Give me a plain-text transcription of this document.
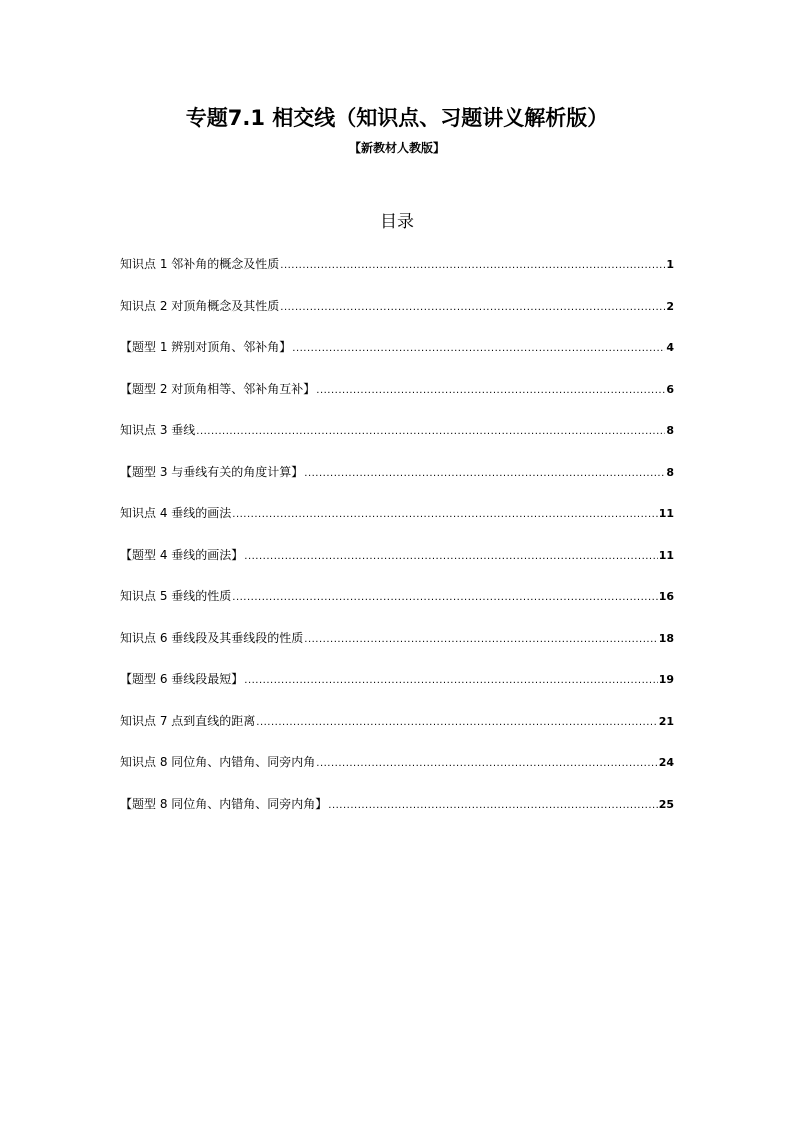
专题7.1 相交线（知识点、习题讲义解析版）
【新教材人教版】
目录
知识点 1 邻补角的概念及性质 .....	1
知识点 2 对顶角概念及其性质 .....	2
【题型 1 辨别对顶角、邻补角】 .....	4
【题型 2 对顶角相等、邻补角互补】 .....	6
知识点 3 垂线 .....	8
【题型 3 与垂线有关的角度计算】 .....	8
知识点 4 垂线的画法 .....	11
【题型 4 垂线的画法】 .....	11
知识点 5 垂线的性质 .....	16
知识点 6 垂线段及其垂线段的性质 .....	18
【题型 6 垂线段最短】 .....	19
知识点 7 点到直线的距离 .....	21
知识点 8 同位角、内错角、同旁内角 .....	24
【题型 8 同位角、内错角、同旁内角】 .....	25
